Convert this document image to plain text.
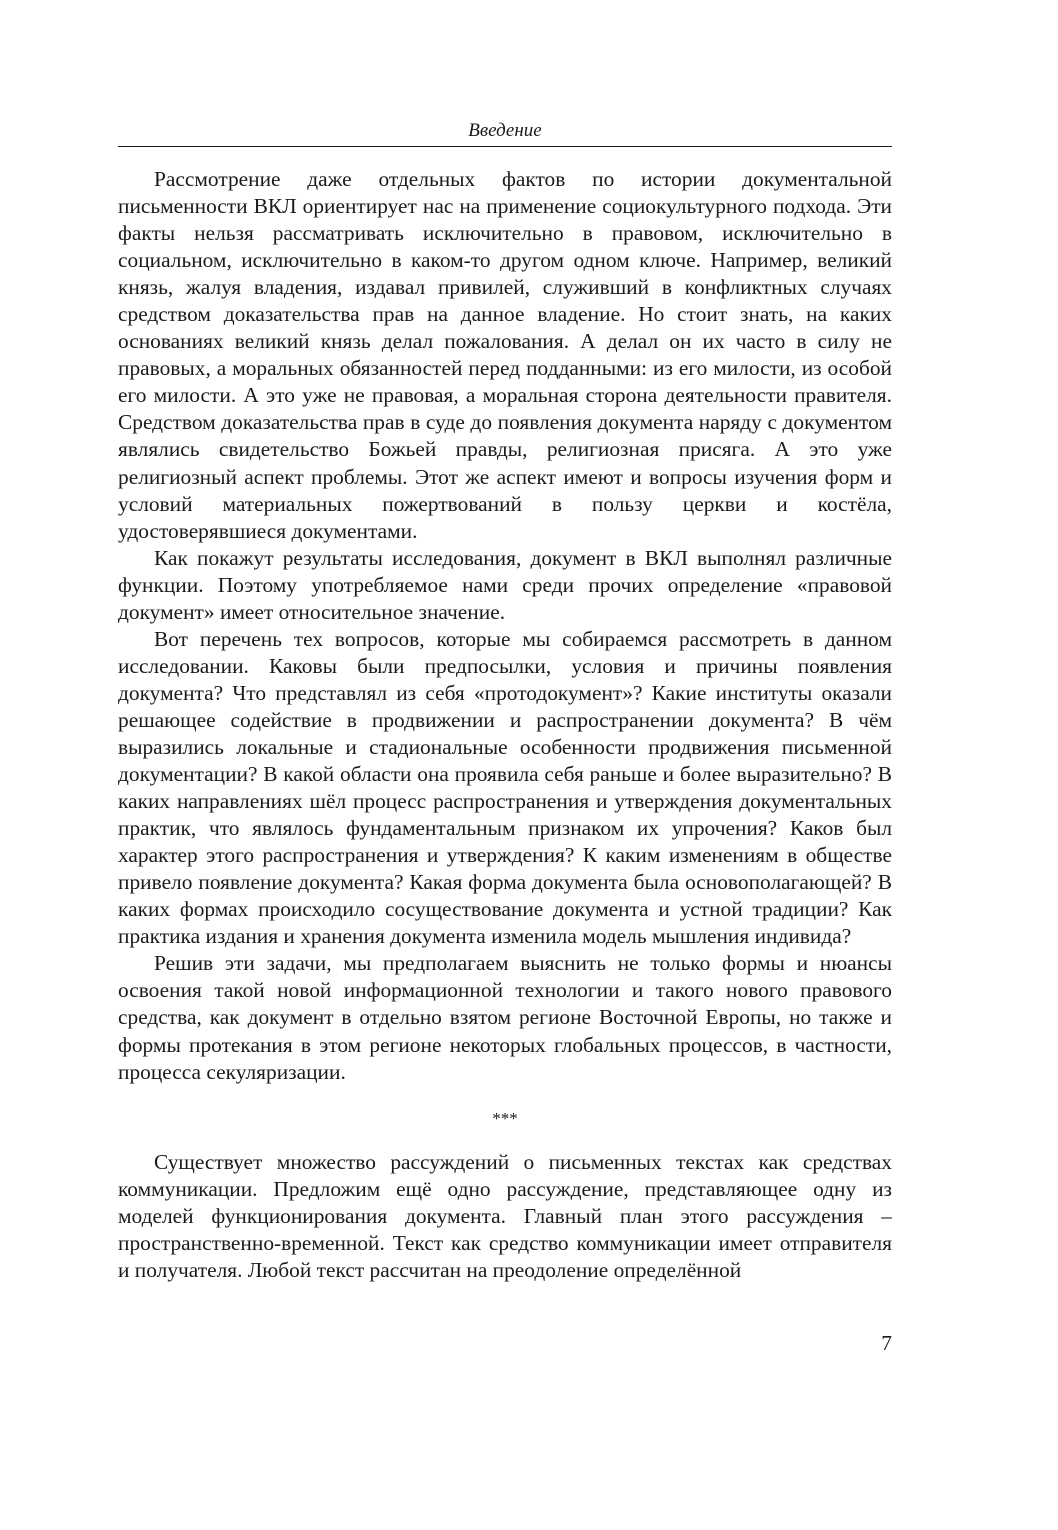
Введение

Рассмотрение даже отдельных фактов по истории документальной письменности ВКЛ ориентирует нас на применение социокультурного подхода. Эти факты нельзя рассматривать исключительно в правовом, исключительно в социальном, исключительно в каком-то другом одном ключе. Например, великий князь, жалуя владения, издавал привилей, служивший в конфликтных случаях средством доказательства прав на данное владение. Но стоит знать, на каких основаниях великий князь делал пожалования. А делал он их часто в силу не правовых, а моральных обязанностей перед подданными: из его милости, из особой его милости. А это уже не правовая, а моральная сторона деятельности правителя. Средством доказательства прав в суде до появления документа наряду с документом являлись свидетельство Божьей правды, религиозная присяга. А это уже религиозный аспект проблемы. Этот же аспект имеют и вопросы изучения форм и условий материальных пожертвований в пользу церкви и костёла, удостоверявшиеся документами.

Как покажут результаты исследования, документ в ВКЛ выполнял различные функции. Поэтому употребляемое нами среди прочих определение «правовой документ» имеет относительное значение.

Вот перечень тех вопросов, которые мы собираемся рассмотреть в данном исследовании. Каковы были предпосылки, условия и причины появления документа? Что представлял из себя «протодокумент»? Какие институты оказали решающее содействие в продвижении и распространении документа? В чём выразились локальные и стадиональные особенности продвижения письменной документации? В какой области она проявила себя раньше и более выразительно? В каких направлениях шёл процесс распространения и утверждения документальных практик, что являлось фундаментальным признаком их упрочения? Каков был характер этого распространения и утверждения? К каким изменениям в обществе привело появление документа? Какая форма документа была основополагающей? В каких формах происходило сосуществование документа и устной традиции? Как практика издания и хранения документа изменила модель мышления индивида?

Решив эти задачи, мы предполагаем выяснить не только формы и нюансы освоения такой новой информационной технологии и такого нового правового средства, как документ в отдельно взятом регионе Восточной Европы, но также и формы протекания в этом регионе некоторых глобальных процессов, в частности, процесса секуляризации.

***

Существует множество рассуждений о письменных текстах как средствах коммуникации. Предложим ещё одно рассуждение, представляющее одну из моделей функционирования документа. Главный план этого рассуждения – пространственно-временной. Текст как средство коммуникации имеет отправителя и получателя. Любой текст рассчитан на преодоление определённой

7
